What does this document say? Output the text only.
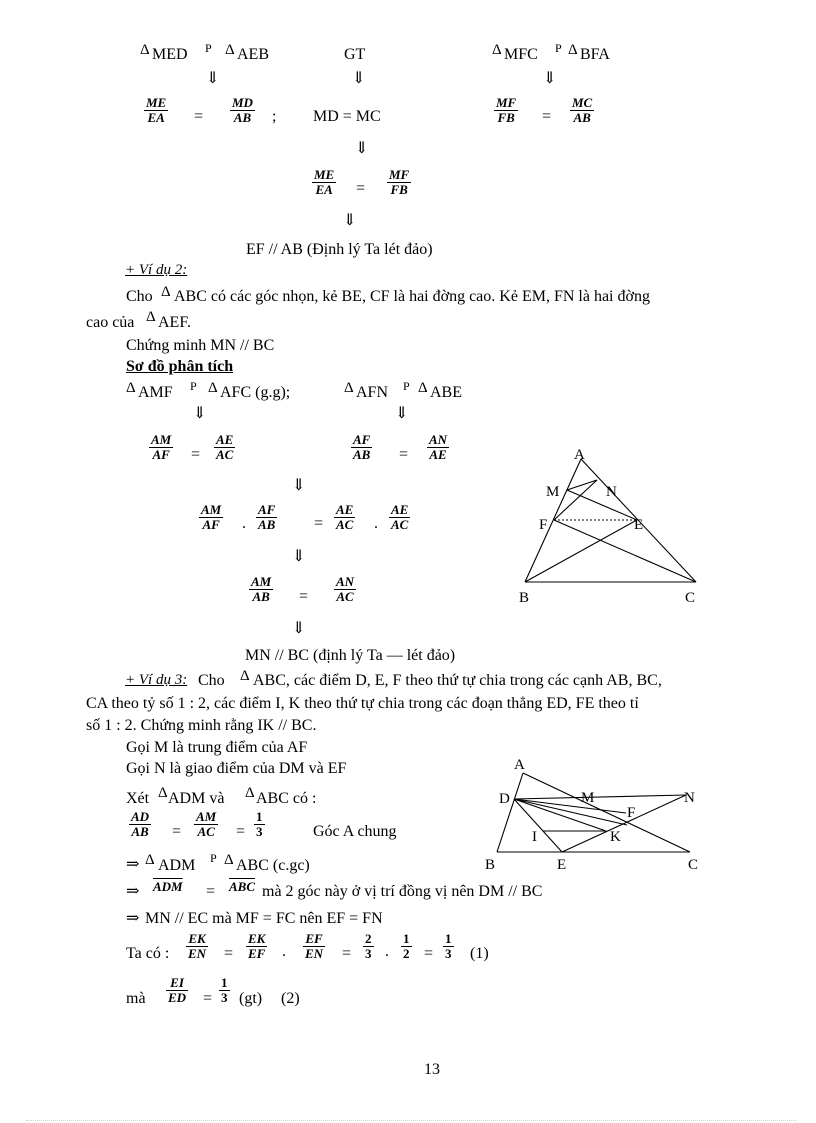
Δ MED P Δ AEB	GT	Δ MFC P Δ BFA
⇓	⇓	⇓
$\frac{ME}{EA} = \frac{MD}{AB}$ ; MD = MC	$\frac{MF}{FB} = \frac{MC}{AB}$
⇓
$\frac{ME}{EA} = \frac{MF}{FB}$
⇓
EF // AB (Định lý Ta lét đảo)
+ Ví dụ 2:
Cho Δ ABC có các góc nhọn, kẻ BE, CF là hai đờng cao. Kẻ EM, FN là hai đờng
cao của Δ AEF.
Chứng minh MN // BC
Sơ đồ phân tích
Δ AMF P Δ AFC (g.g);	Δ AFN P Δ ABE
⇓	⇓
$\frac{AM}{AF} = \frac{AE}{AC}$	$\frac{AF}{AB} = \frac{AN}{AE}$
⇓
$\frac{AM}{AF}$ . $\frac{AF}{AB} = \frac{AE}{AC}$ . $\frac{AE}{AC}$
⇓
$\frac{AM}{AB} = \frac{AN}{AC}$
⇓
MN // BC (định lý Ta — lét đảo)
A
M	N
F	E
B	C
+ Ví dụ 3: Cho Δ ABC, các điểm D, E, F theo thứ tự chia trong các cạnh AB, BC,
CA theo tỷ số 1 : 2, các điểm I, K theo thứ tự chia trong các đoạn thẳng ED, FE theo tỉ
số 1 : 2. Chứng minh rằng IK // BC.
Gọi M là trung điểm của AF
Gọi N là giao điểm của DM và EF
Xét Δ ADM và Δ ABC có :
$\frac{AD}{AB} = \frac{AM}{AC} = \frac{1}{3}$	Góc A chung
⇒ Δ ADM P Δ ABC (c.gc)
⇒ $\overline{ADM} = \overline{ABC}$ mà 2 góc này ở vị trí đồng vị nên DM // BC
⇒ MN // EC mà MF = FC nên EF = FN
Ta có : $\frac{EK}{EN} = \frac{EK}{EF}$ . $\frac{EF}{EN} = \frac{2}{3}$ . $\frac{1}{2} = \frac{1}{3} (1)$
mà $\frac{EI}{ED} = \frac{1}{3} (gt)$ (2)
A
D	M	N
F
I	K
B	E	C
13
